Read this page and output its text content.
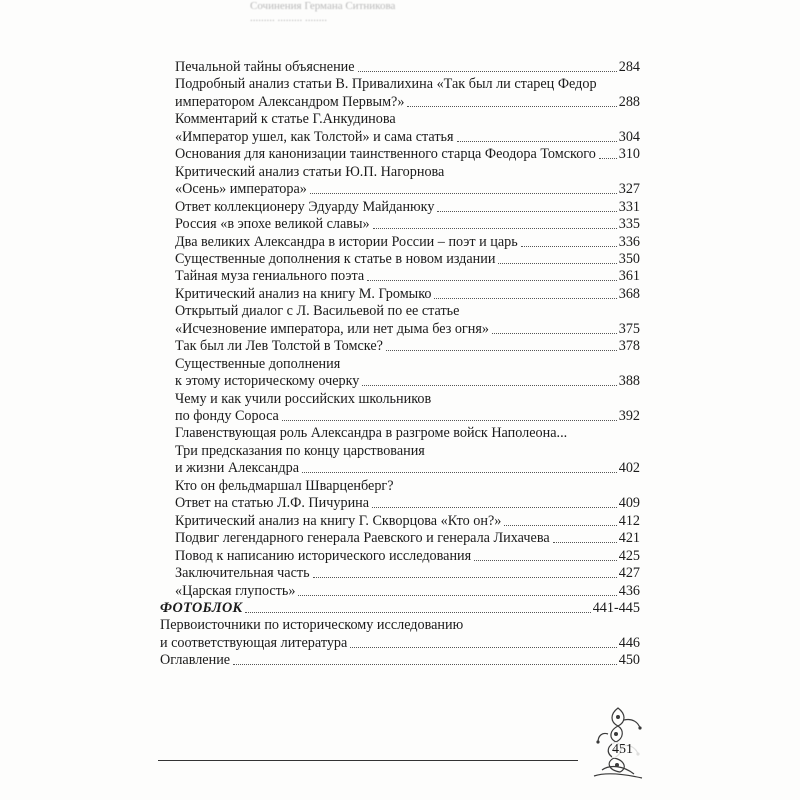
Сочинения Германа Ситникова
......... ......... ........
Печальной тайны объяснение	284
Подробный анализ статьи В. Привалихина «Так был ли старец Федор
императором Александром Первым?»	288
Комментарий к статье Г.Анкудинова
«Император ушел, как Толстой» и сама статья	304
Основания для канонизации таинственного старца Феодора Томского 310
Критический анализ статьи Ю.П. Нагорнова
«Осень» императора»	327
Ответ коллекционеру Эдуарду Майданюку	331
Россия «в эпохе великой славы»	335
Два великих Александра в истории России – поэт и царь	336
Существенные дополнения к статье в новом издании	350
Тайная муза гениального поэта	361
Критический анализ на книгу М. Громыко	368
Открытый диалог с Л. Васильевой по ее статье
«Исчезновение императора, или нет дыма без огня»	375
Так был ли Лев Толстой в Томске?	378
Существенные дополнения
к этому историческому очерку	388
Чему и как учили российских школьников
по фонду Сороса	392
Главенствующая роль Александра в разгроме войск Наполеона...
Три предсказания по концу царствования
и жизни Александра	402
Кто он фельдмаршал Шварценберг?
Ответ на статью Л.Ф. Пичурина	409
Критический анализ на книгу Г. Скворцова «Кто он?»	412
Подвиг легендарного генерала Раевского и генерала Лихачева	421
Повод к написанию исторического исследования	425
Заключительная часть	427
«Царская глупость»	436
ФОТОБЛОК	441-445
Первоисточники по историческому исследованию
и соответствующая литература	446
Оглавление	450
451
